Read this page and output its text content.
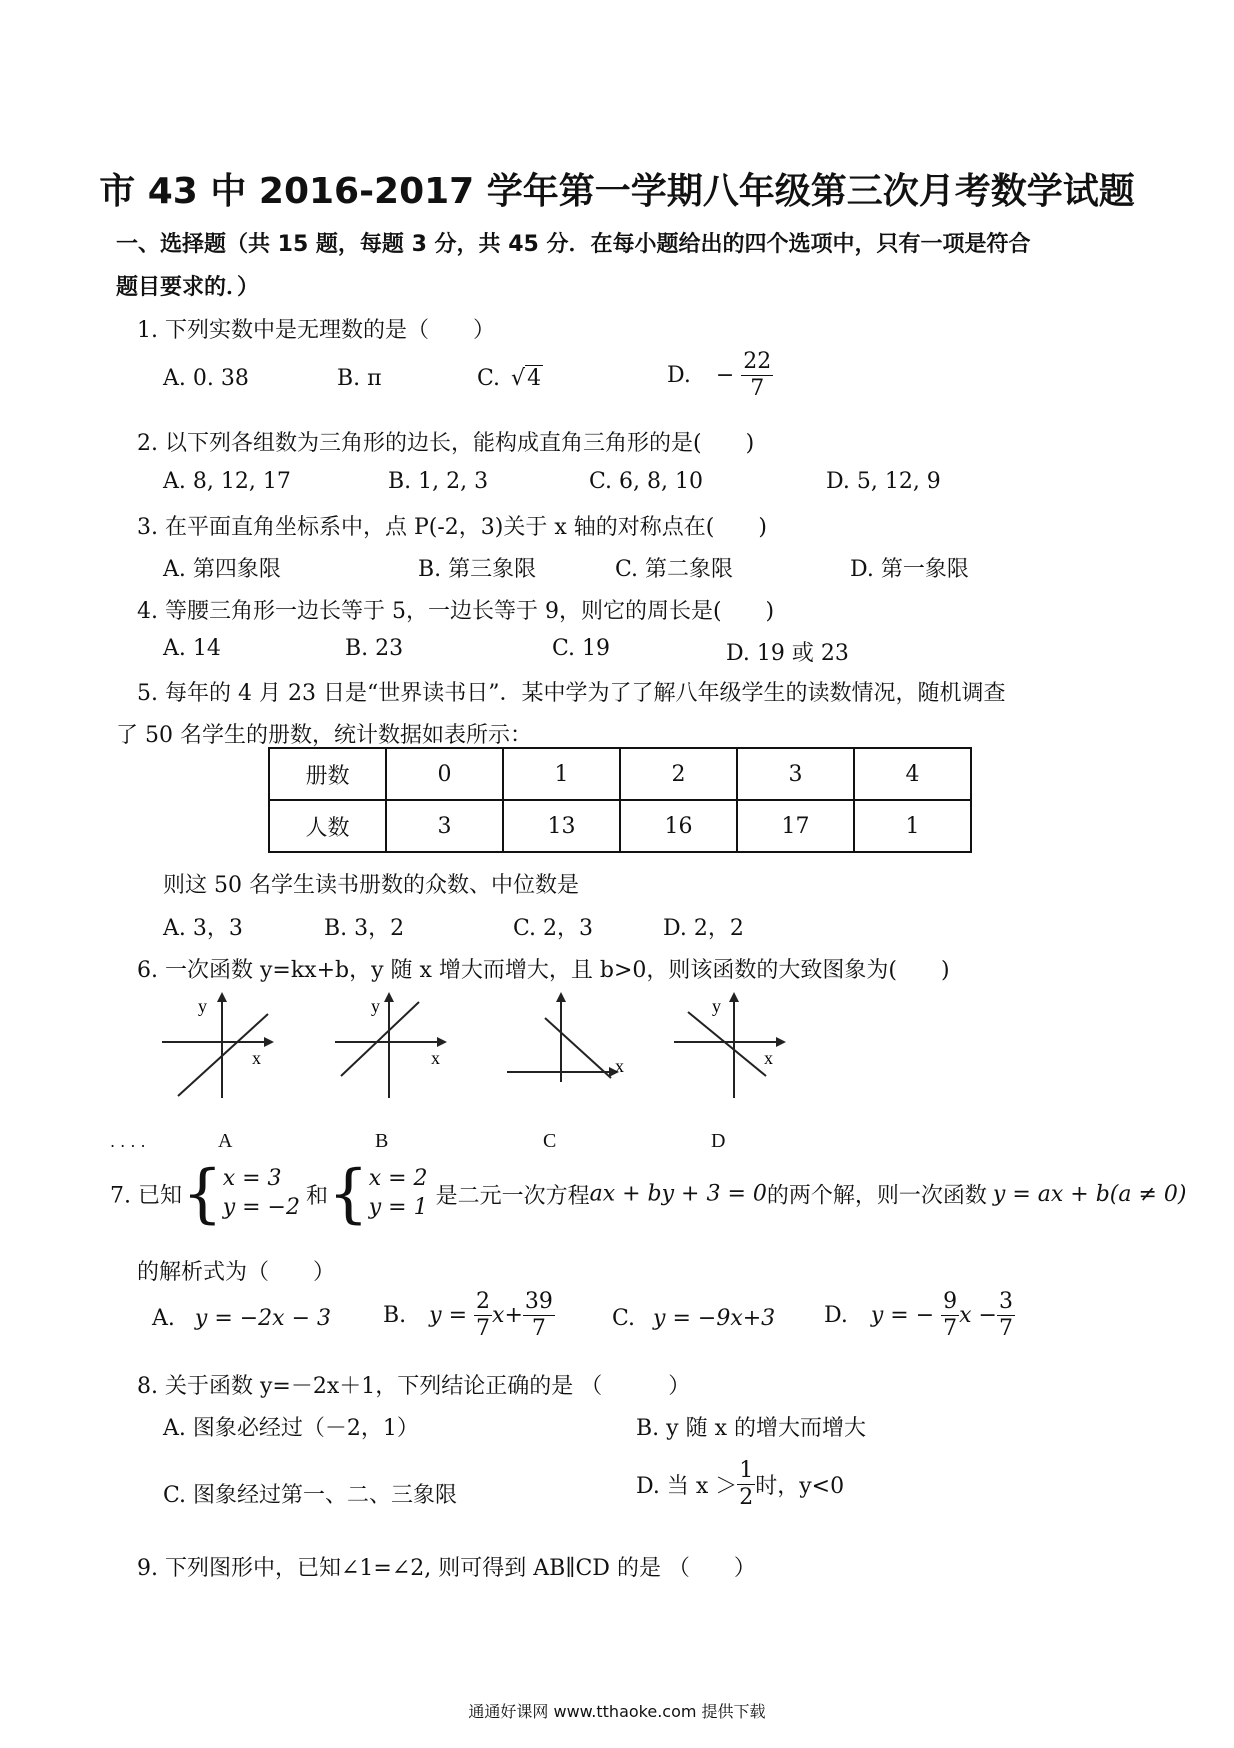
市 43 中 2016-2017 学年第一学期八年级第三次月考数学试题
一、选择题（共 15 题，每题 3 分，共 45 分．在每小题给出的四个选项中，只有一项是符合
题目要求的．）
1. 下列实数中是无理数的是（　　）
A. 0. 38	B. π	C. √4	D. − $\frac{22}{7}$
2. 以下列各组数为三角形的边长，能构成直角三角形的是(　　)
A. 8, 12, 17	B. 1, 2, 3	C. 6, 8, 10	D. 5, 12, 9
3. 在平面直角坐标系中，点 P(-2，3)关于 x 轴的对称点在(　　)
A. 第四象限	B. 第三象限	C. 第二象限	D. 第一象限
4. 等腰三角形一边长等于 5，一边长等于 9，则它的周长是(　　)
A. 14	B. 23	C. 19	D. 19 或 23
5. 每年的 4 月 23 日是“世界读书日”．某中学为了了解八年级学生的读数情况，随机调查
了 50 名学生的册数，统计数据如表所示：
册数	0	1	2	3	4
人数	3	13	16	17	1
则这 50 名学生读书册数的众数、中位数是
A. 3，3	B. 3，2	C. 2，3	D. 2，2
6. 一次函数 y=kx+b，y 随 x 增大而增大，且 b>0，则该函数的大致图象为(　　)
y
x
y
x	x
y
x
. . . .	A	B	C	D
7. 已知{ x = 3
y = −2 和{ x = 2
y = 1 是二元一次方程ax + by + 3 = 0的两个解，则一次函数 y = ax + b(a ≠ 0)
的解析式为（　　）
A. y = −2x − 3 B. $y = \frac{2}{7} x+ \frac{39}{7}$	C. y = −9x+3 D. y = − $\frac{9}{7}$ $x - \frac{3}{7}$
8. 关于函数 y=－2x＋1，下列结论正确的是 （　　　）
A. 图象必经过（－2，1）	B. y 随 x 的增大而增大
C. 图象经过第一、二、三象限	D. 当 $x > \frac{1}{2}$ 时，y<0
9. 下列图形中，已知∠1=∠2, 则可得到 AB∥CD 的是 （　　）
通通好课网 www.tthaoke.com 提供下载
